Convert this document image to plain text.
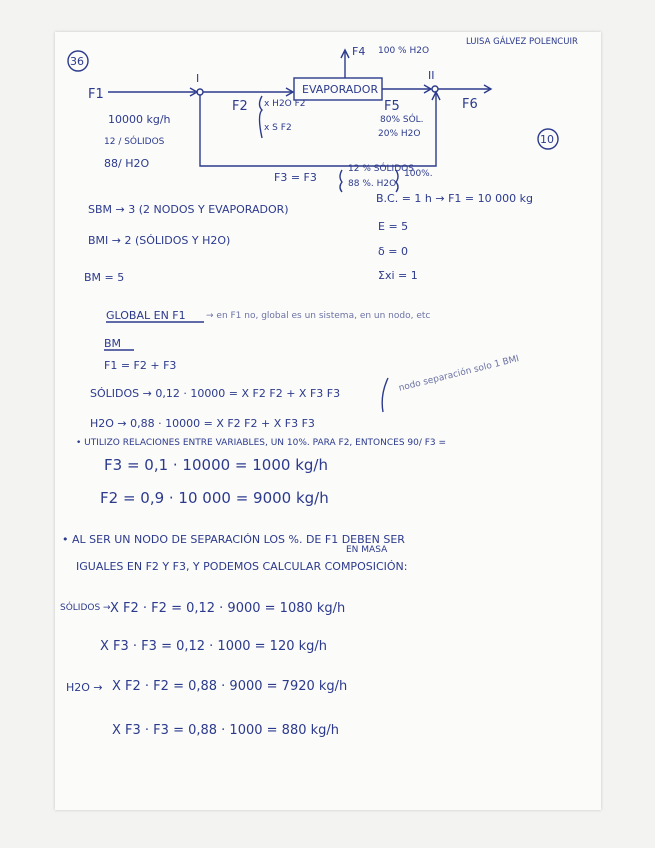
36
LUISA GÁLVEZ POLENCUIR
10
F1
10000 kg/h
12 / SÓLIDOS
88/ H2O
I	II
F2 x H2O F2
x S F2
EVAPORADOR
F4 100 % H2O
F5
80% SÓL.
20% H2O
F6
F3 = F3
12 % SÓLIDOS
88 %. H2O
100%.
SBM → 3 (2 NODOS Y EVAPORADOR)
BMI → 2 (SÓLIDOS Y H2O)
BM = 5
B.C. = 1 h → F1 = 10 000 kg
E = 5
δ = 0
Σxi = 1
GLOBAL EN F1 → en F1 no, global es un sistema, en un nodo, etc
BM
F1 = F2 + F3
SÓLIDOS → 0,12 · 10000 = X F2 F2 + X F3 F3
H2O → 0,88 · 10000 = X F2 F2 + X F3 F3
nodo separación solo 1 BMI
• UTILIZO RELACIONES ENTRE VARIABLES, UN 10%. PARA F2, ENTONCES 90/ F3 =
F3 = 0,1 · 10000 = 1000 kg/h
F2 = 0,9 · 10 000 = 9000 kg/h
• AL SER UN NODO DE SEPARACIÓN LOS %. DE F1 DEBEN SER
EN MASA
IGUALES EN F2 Y F3, Y PODEMOS CALCULAR COMPOSICIÓN:
SÓLIDOS → X F2 · F2 = 0,12 · 9000 = 1080 kg/h
X F3 · F3 = 0,12 · 1000 = 120 kg/h
H2O → X F2 · F2 = 0,88 · 9000 = 7920 kg/h
X F3 · F3 = 0,88 · 1000 = 880 kg/h
